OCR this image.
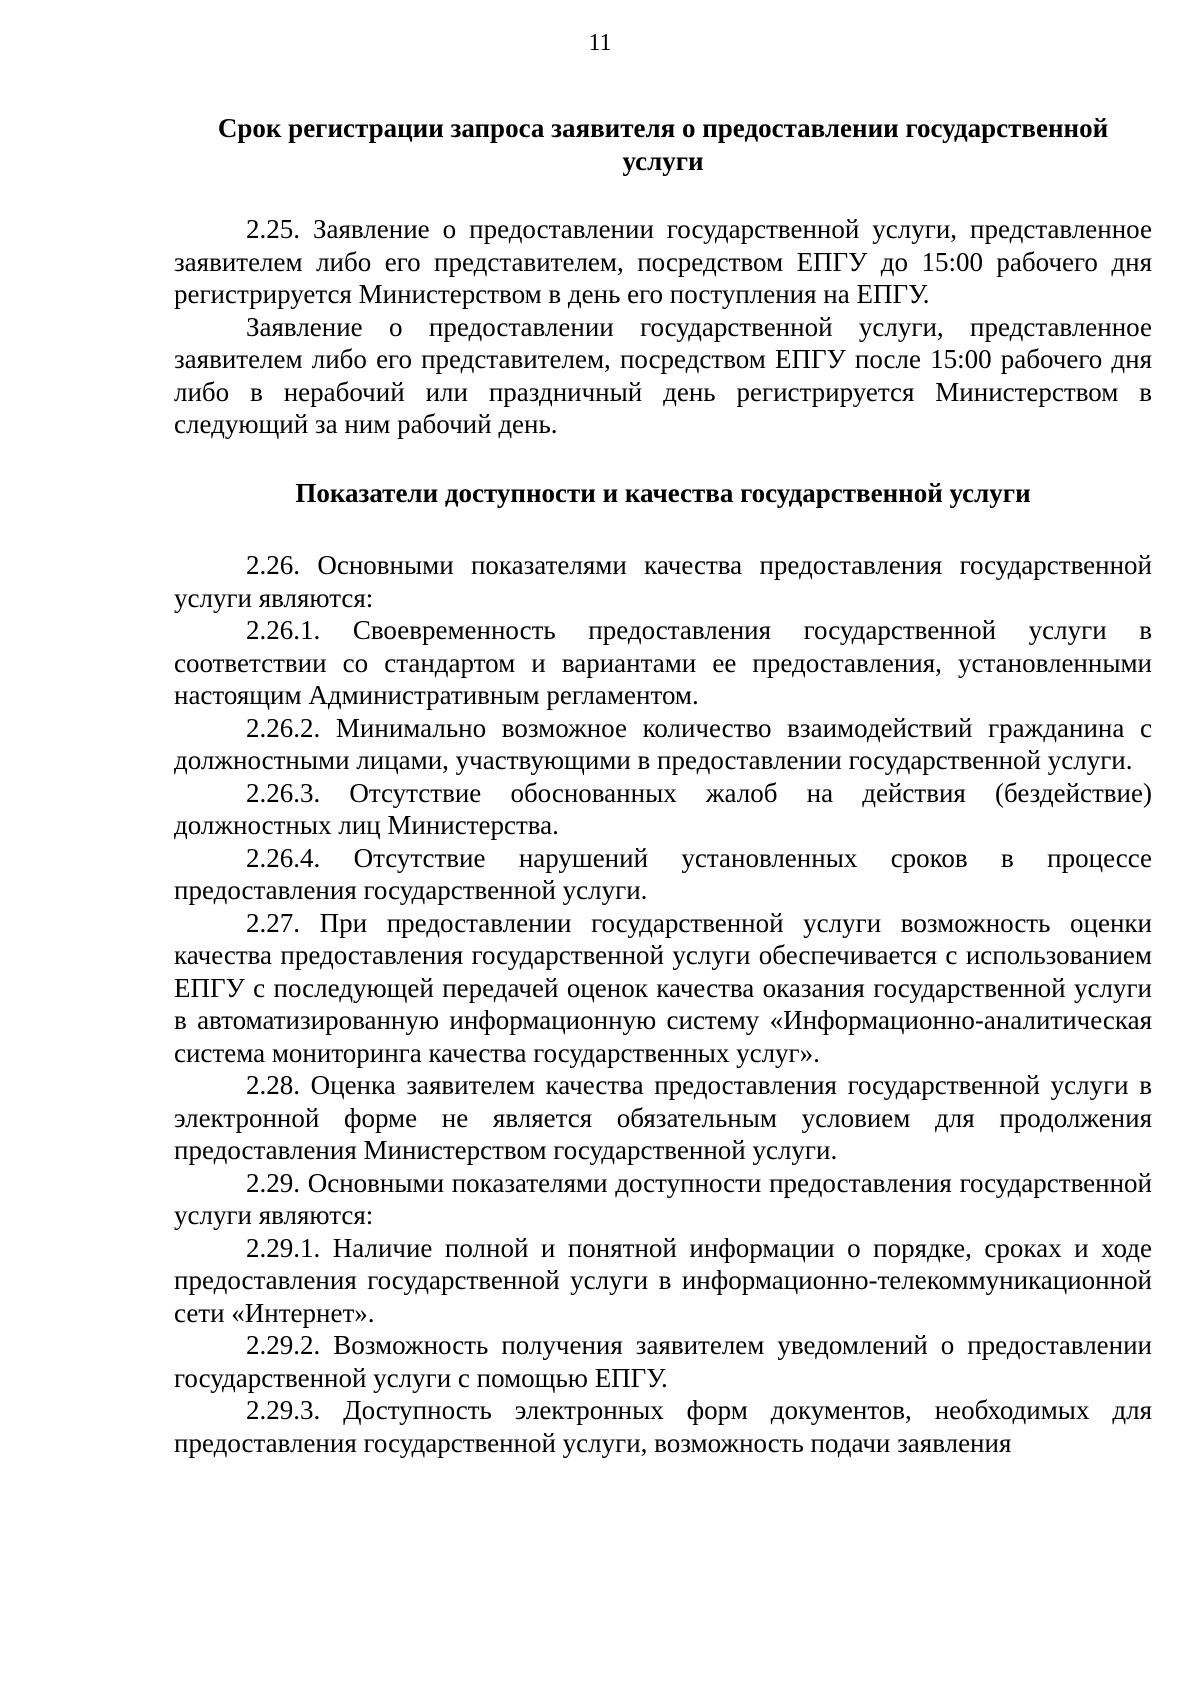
11
Срок регистрации запроса заявителя о предоставлении государственной услуги

2.25. Заявление о предоставлении государственной услуги, представленное заявителем либо его представителем, посредством ЕПГУ до 15:00 рабочего дня регистрируется Министерством в день его поступления на ЕПГУ.

Заявление о предоставлении государственной услуги, представленное заявителем либо его представителем, посредством ЕПГУ после 15:00 рабочего дня либо в нерабочий или праздничный день регистрируется Министерством в следующий за ним рабочий день.

Показатели доступности и качества государственной услуги

2.26. Основными показателями качества предоставления государственной услуги являются:

2.26.1. Своевременность предоставления государственной услуги в соответствии со стандартом и вариантами ее предоставления, установленными настоящим Административным регламентом.

2.26.2. Минимально возможное количество взаимодействий гражданина с должностными лицами, участвующими в предоставлении государственной услуги.

2.26.3. Отсутствие обоснованных жалоб на действия (бездействие) должностных лиц Министерства.

2.26.4. Отсутствие нарушений установленных сроков в процессе предоставления государственной услуги.

2.27. При предоставлении государственной услуги возможность оценки качества предоставления государственной услуги обеспечивается с использованием ЕПГУ с последующей передачей оценок качества оказания государственной услуги в автоматизированную информационную систему «Информационно-аналитическая система мониторинга качества государственных услуг».

2.28. Оценка заявителем качества предоставления государственной услуги в электронной форме не является обязательным условием для продолжения предоставления Министерством государственной услуги.

2.29. Основными показателями доступности предоставления государственной услуги являются:

2.29.1. Наличие полной и понятной информации о порядке, сроках и ходе предоставления государственной услуги в информационно-телекоммуникационной сети «Интернет».

2.29.2. Возможность получения заявителем уведомлений о предоставлении государственной услуги с помощью ЕПГУ.

2.29.3. Доступность электронных форм документов, необходимых для предоставления государственной услуги, возможность подачи заявления
